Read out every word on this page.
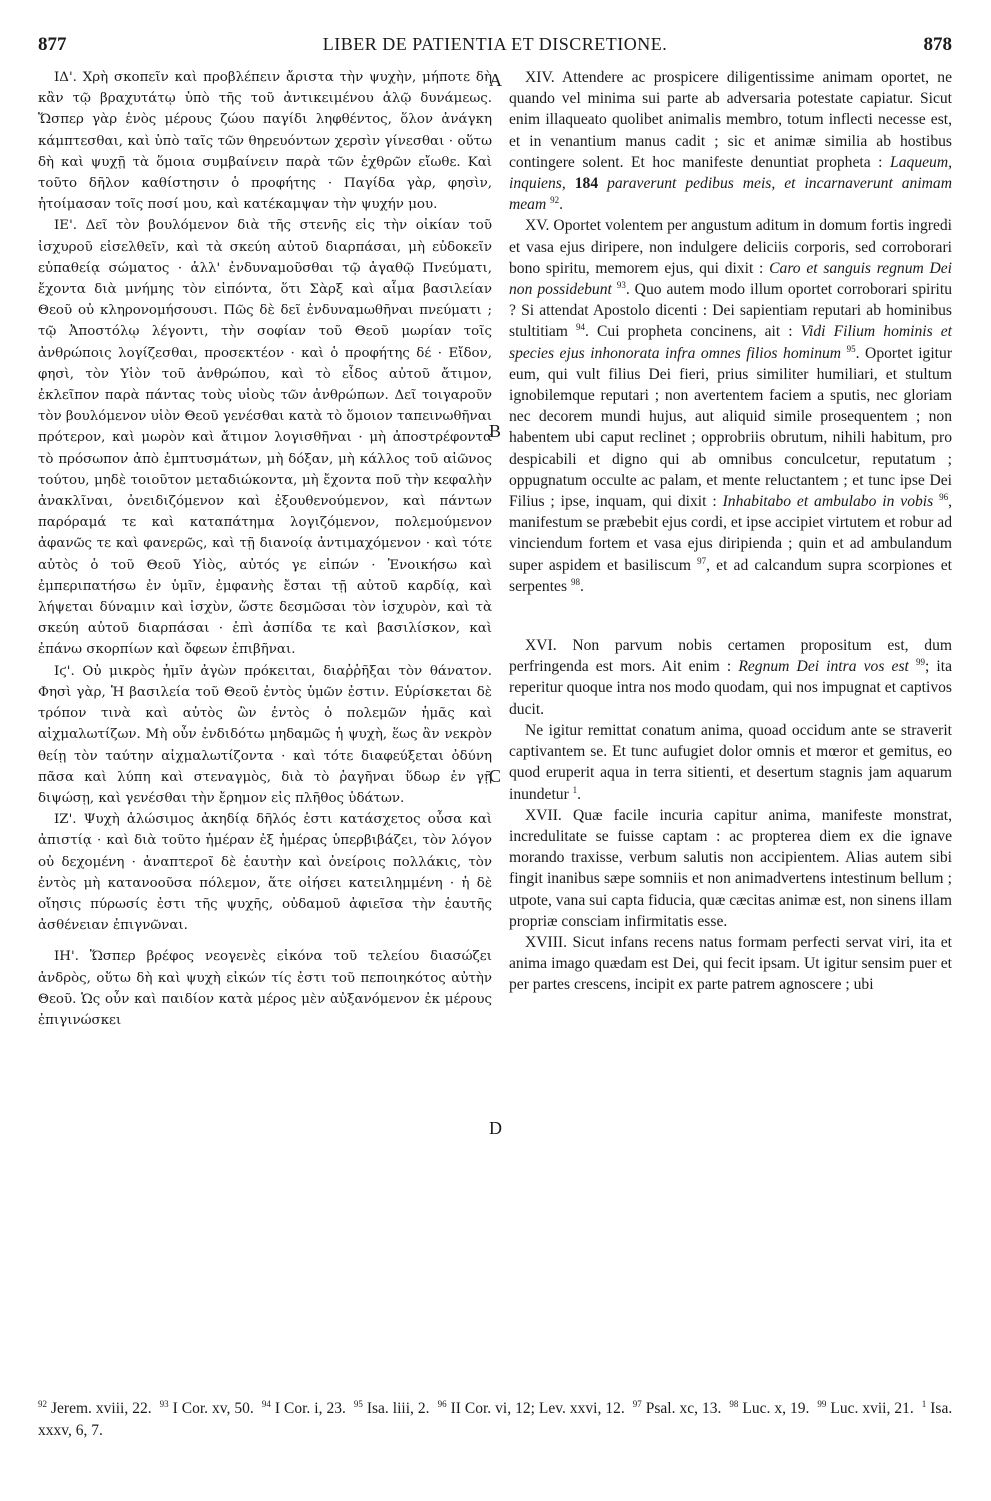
877	LIBER DE PATIENTIA ET DISCRETIONE.	878

ΙΔ'. Χρὴ σκοπεῖν καὶ προβλέπειν ἄριστα τὴν ψυχὴν, μήποτε δὴ κἂν τῷ βραχυτάτῳ ὑπὸ τῆς τοῦ ἀντικειμένου ἁλῷ δυνάμεως. Ὥσπερ γὰρ ἑνὸς μέρους ζώου παγίδι ληφθέντος, ὅλον ἀνάγκη κάμπτεσθαι, καὶ ὑπὸ ταῖς τῶν θηρευόντων χερσὶν γίνεσθαι · οὕτω δὴ καὶ ψυχῇ τὰ ὅμοια συμβαίνειν παρὰ τῶν ἐχθρῶν εἴωθε. Καὶ τοῦτο δῆλον καθίστησιν ὁ προφήτης · Παγίδα γὰρ, φησὶν, ἡτοίμασαν τοῖς ποσί μου, καὶ κατέκαμψαν τὴν ψυχήν μου.

ΙΕ'. Δεῖ τὸν βουλόμενον διὰ τῆς στενῆς εἰς τὴν οἰκίαν τοῦ ἰσχυροῦ εἰσελθεῖν, καὶ τὰ σκεύη αὐτοῦ διαρπάσαι, μὴ εὐδοκεῖν εὐπαθείᾳ σώματος · ἀλλ' ἐνδυναμοῦσθαι τῷ ἀγαθῷ Πνεύματι, ἔχοντα διὰ μνήμης τὸν εἰπόντα, ὅτι Σὰρξ καὶ αἷμα βασιλείαν Θεοῦ οὐ κληρονομήσουσι. Πῶς δὲ δεῖ ἐνδυναμωθῆναι πνεύματι ; τῷ Ἀποστόλῳ λέγοντι, τὴν σοφίαν τοῦ Θεοῦ μωρίαν τοῖς ἀνθρώποις λογίζεσθαι, προσεκτέον · καὶ ὁ προφήτης δέ · Εἴδον, φησὶ, τὸν Υἱὸν τοῦ ἀνθρώπου, καὶ τὸ εἶδος αὐτοῦ ἄτιμον, ἐκλεῖπον παρὰ πάντας τοὺς υἱοὺς τῶν ἀνθρώπων. Δεῖ τοιγαροῦν τὸν βουλόμενον υἱὸν Θεοῦ γενέσθαι κατὰ τὸ ὅμοιον ταπεινωθῆναι πρότερον, καὶ μωρὸν καὶ ἄτιμον λογισθῆναι · μὴ ἀποστρέφοντα τὸ πρόσωπον ἀπὸ ἐμπτυσμάτων, μὴ δόξαν, μὴ κάλλος τοῦ αἰῶνος τούτου, μηδὲ τοιοῦτον μεταδιώκοντα, μὴ ἔχοντα ποῦ τὴν κεφαλὴν ἀνακλῖναι, ὀνειδιζόμενον καὶ ἐξουθενούμενον, καὶ πάντων παρόραμά τε καὶ καταπάτημα λογιζόμενον, πολεμούμενον ἀφανῶς τε καὶ φανερῶς, καὶ τῇ διανοίᾳ ἀντιμαχόμενον · καὶ τότε αὐτὸς ὁ τοῦ Θεοῦ Υἱὸς, αὐτός γε εἰπών · Ἐνοικήσω καὶ ἐμπεριπατήσω ἐν ὑμῖν, ἐμφανὴς ἔσται τῇ αὐτοῦ καρδίᾳ, καὶ λήψεται δύναμιν καὶ ἰσχὺν, ὥστε δεσμῶσαι τὸν ἰσχυρὸν, καὶ τὰ σκεύη αὐτοῦ διαρπάσαι · ἐπὶ ἀσπίδα τε καὶ βασιλίσκον, καὶ ἐπάνω σκορπίων καὶ ὄφεων ἐπιβῆναι.

Ιϛ'. Οὐ μικρὸς ἡμῖν ἀγὼν πρόκειται, διαῤῥῆξαι τὸν θάνατον. Φησὶ γὰρ, Ἡ βασιλεία τοῦ Θεοῦ ἐντὸς ὑμῶν ἐστιν. Εὑρίσκεται δὲ τρόπον τινὰ καὶ αὐτὸς ὢν ἐντὸς ὁ πολεμῶν ἡμᾶς καὶ αἰχμαλωτίζων. Μὴ οὖν ἐνδιδότω μηδαμῶς ἡ ψυχὴ, ἕως ἂν νεκρὸν θείῃ τὸν ταύτην αἰχμαλωτίζοντα · καὶ τότε διαφεύξεται ὀδύνη πᾶσα καὶ λύπη καὶ στεναγμὸς, διὰ τὸ ῥαγῆναι ὕδωρ ἐν γῇ διψώσῃ, καὶ γενέσθαι τὴν ἔρημον εἰς πλῆθος ὑδάτων.

ΙΖ'. Ψυχὴ ἁλώσιμος ἀκηδίᾳ δῆλός ἐστι κατάσχετος οὖσα καὶ ἀπιστίᾳ · καὶ διὰ τοῦτο ἡμέραν ἐξ ἡμέρας ὑπερβιβάζει, τὸν λόγον οὐ δεχομένη · ἀναπτεροῖ δὲ ἑαυτὴν καὶ ὀνείροις πολλάκις, τὸν ἐντὸς μὴ κατανοοῦσα πόλεμον, ἅτε οἰήσει κατειλημμένη · ἡ δὲ οἴησις πύρωσίς ἐστι τῆς ψυχῆς, οὐδαμοῦ ἀφιεῖσα τὴν ἑαυτῆς ἀσθένειαν ἐπιγνῶναι.

ΙΗ'. Ὥσπερ βρέφος νεογενὲς εἰκόνα τοῦ τελείου διασώζει ἀνδρὸς, οὕτω δὴ καὶ ψυχὴ εἰκών τίς ἐστι τοῦ πεποιηκότος αὐτὴν Θεοῦ. Ὡς οὖν καὶ παιδίον κατὰ μέρος μὲν αὐξανόμενον ἐκ μέρους ἐπιγινώσκει

A
B
C
D

XIV. Attendere ac prospicere diligentissime animam oportet, ne quando vel minima sui parte ab adversaria potestate capiatur. Sicut enim illaqueato quolibet animalis membro, totum inflecti necesse est, et in venantium manus cadit ; sic et animæ similia ab hostibus contingere solent. Et hoc manifeste denuntiat propheta : Laqueum, inquiens, 184 paraverunt pedibus meis, et incarnaverunt animam meam $^{92}$.

XV. Oportet volentem per angustum aditum in domum fortis ingredi et vasa ejus diripere, non indulgere deliciis corporis, sed corroborari bono spiritu, memorem ejus, qui dixit : Caro et sanguis regnum Dei non possidebunt $^{93}$. Quo autem modo illum oportet corroborari spiritu ? Si attendat Apostolo dicenti : Dei sapientiam reputari ab hominibus stultitiam $^{94}$. Cui propheta concinens, ait : Vidi Filium hominis et species ejus inhonorata infra omnes filios hominum $^{95}$. Oportet igitur eum, qui vult filius Dei fieri, prius similiter humiliari, et stultum ignobilemque reputari ; non avertentem faciem a sputis, nec gloriam nec decorem mundi hujus, aut aliquid simile prosequentem ; non habentem ubi caput reclinet ; opprobriis obrutum, nihili habitum, pro despicabili et digno qui ab omnibus conculcetur, reputatum ; oppugnatum occulte ac palam, et mente reluctantem ; et tunc ipse Dei Filius ; ipse, inquam, qui dixit : Inhabitabo et ambulabo in vobis $^{96}$, manifestum se præbebit ejus cordi, et ipse accipiet virtutem et robur ad vinciendum fortem et vasa ejus diripienda ; quin et ad ambulandum super aspidem et basiliscum $^{97}$, et ad calcandum supra scorpiones et serpentes $^{98}$.

XVI. Non parvum nobis certamen propositum est, dum perfringenda est mors. Ait enim : Regnum Dei intra vos est $^{99}$; ita reperitur quoque intra nos modo quodam, qui nos impugnat et captivos ducit.

Ne igitur remittat conatum anima, quoad occidum ante se straverit captivantem se. Et tunc aufugiet dolor omnis et mœror et gemitus, eo quod eruperit aqua in terra sitienti, et desertum stagnis jam aquarum inundetur $^1$.

XVII. Quæ facile incuria capitur anima, manifeste monstrat, incredulitate se fuisse captam : ac propterea diem ex die ignave morando traxisse, verbum salutis non accipientem. Alias autem sibi fingit inanibus sæpe somniis et non animadvertens intestinum bellum ; utpote, vana sui capta fiducia, quæ cæcitas animæ est, non sinens illam propriæ consciam infirmitatis esse.

XVIII. Sicut infans recens natus formam perfecti servat viri, ita et anima imago quædam est Dei, qui fecit ipsam. Ut igitur sensim puer et per partes crescens, incipit ex parte patrem agnoscere ; ubi

$^{92}$ Jerem. xviii, 22. $^{93}$ I Cor. xv, 50. $^{94}$ I Cor. i, 23. $^{95}$ Isa. liii, 2. $^{96}$ II Cor. vi, 12; Lev. xxvi, 12. $^{97}$ Psal. xc, 13. $^{98}$ Luc. x, 19. $^{99}$ Luc. xvii, 21. $^1$ Isa. xxxv, 6, 7.
